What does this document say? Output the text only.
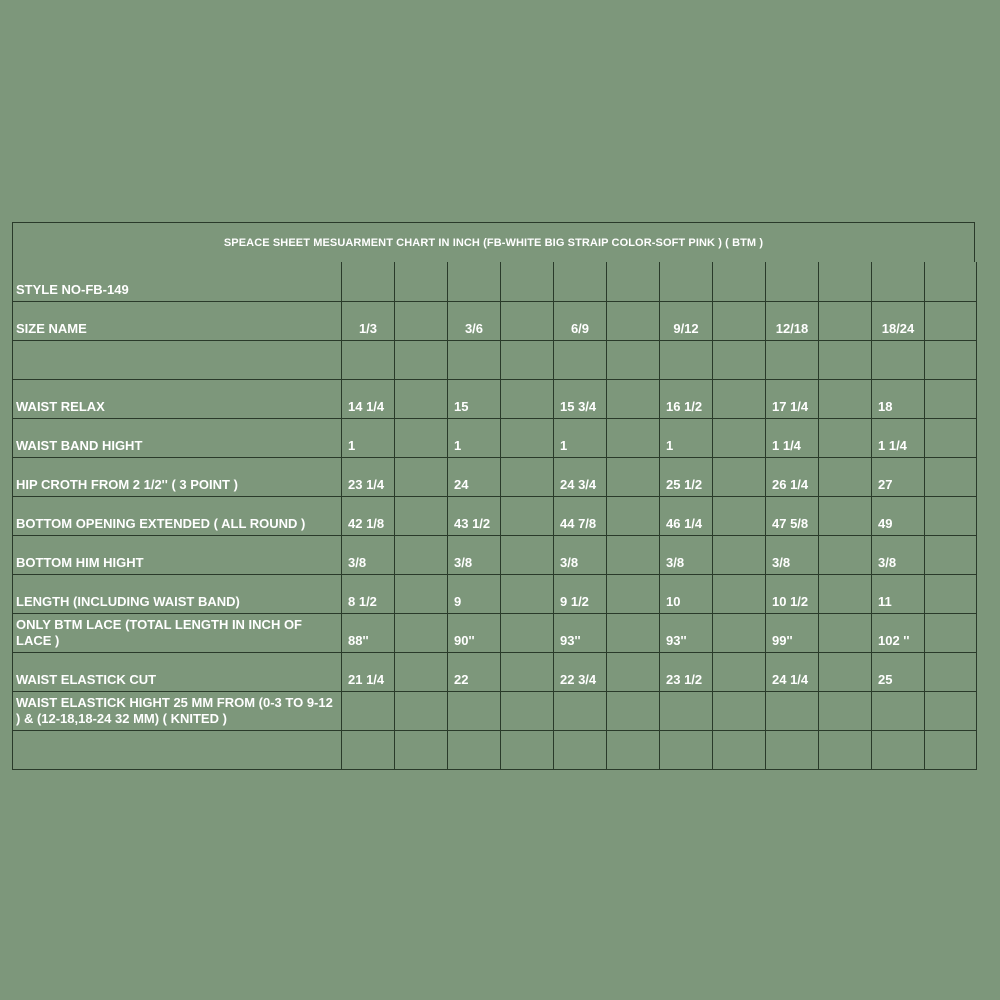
SPEACE SHEET MESUARMENT CHART IN INCH (FB-WHITE BIG STRAIP COLOR-SOFT PINK ) ( BTM )
STYLE NO-FB-149												
SIZE NAME	1/3		3/6		6/9		9/12		12/18		18/24	

WAIST RELAX	14 1/4		15		15 3/4		16 1/2		17 1/4		18	
WAIST BAND HIGHT	1		1		1		1		1 1/4		1 1/4	
HIP CROTH FROM 2 1/2'' ( 3 POINT )	23 1/4		24		24 3/4		25 1/2		26 1/4		27	
BOTTOM OPENING EXTENDED ( ALL ROUND )	42 1/8		43 1/2		44 7/8		46 1/4		47 5/8		49	
BOTTOM HIM HIGHT	3/8		3/8		3/8		3/8		3/8		3/8	
LENGTH (INCLUDING WAIST BAND)	8 1/2		9		9 1/2		10		10 1/2		11	
ONLY BTM LACE (TOTAL LENGTH IN INCH OF LACE )	88''		90''		93''		93''		99''		102 ''	
WAIST ELASTICK CUT	21 1/4		22		22 3/4		23 1/2		24 1/4		25	
WAIST ELASTICK HIGHT 25 MM FROM (0-3 TO 9-12 ) & (12-18,18-24 32 MM) ( KNITED )												
